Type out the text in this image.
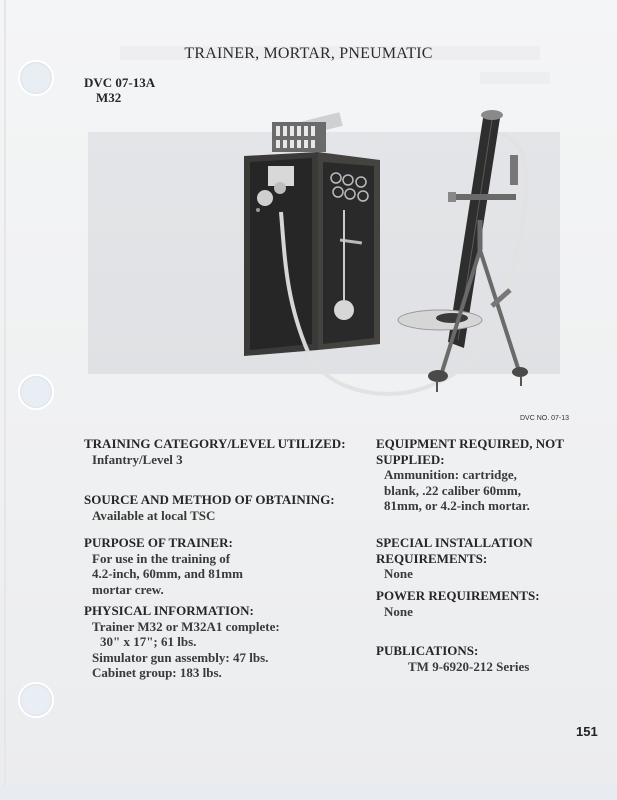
TRAINER, MORTAR, PNEUMATIC
DVC 07-13A
M32
DVC NO. 07-13
TRAINING CATEGORY/LEVEL UTILIZED:
Infantry/Level 3
SOURCE AND METHOD OF OBTAINING:
Available at local TSC
PURPOSE OF TRAINER:
For use in the training of
4.2-inch, 60mm, and 81mm
mortar crew.
PHYSICAL INFORMATION:
Trainer M32 or M32A1 complete:
30" x 17"; 61 lbs.
Simulator gun assembly: 47 lbs.
Cabinet group: 183 lbs.
EQUIPMENT REQUIRED, NOT
SUPPLIED:
Ammunition: cartridge,
blank, .22 caliber 60mm,
81mm, or 4.2-inch mortar.
SPECIAL INSTALLATION
REQUIREMENTS:
None
POWER REQUIREMENTS:
None
PUBLICATIONS:
TM 9-6920-212 Series
151
